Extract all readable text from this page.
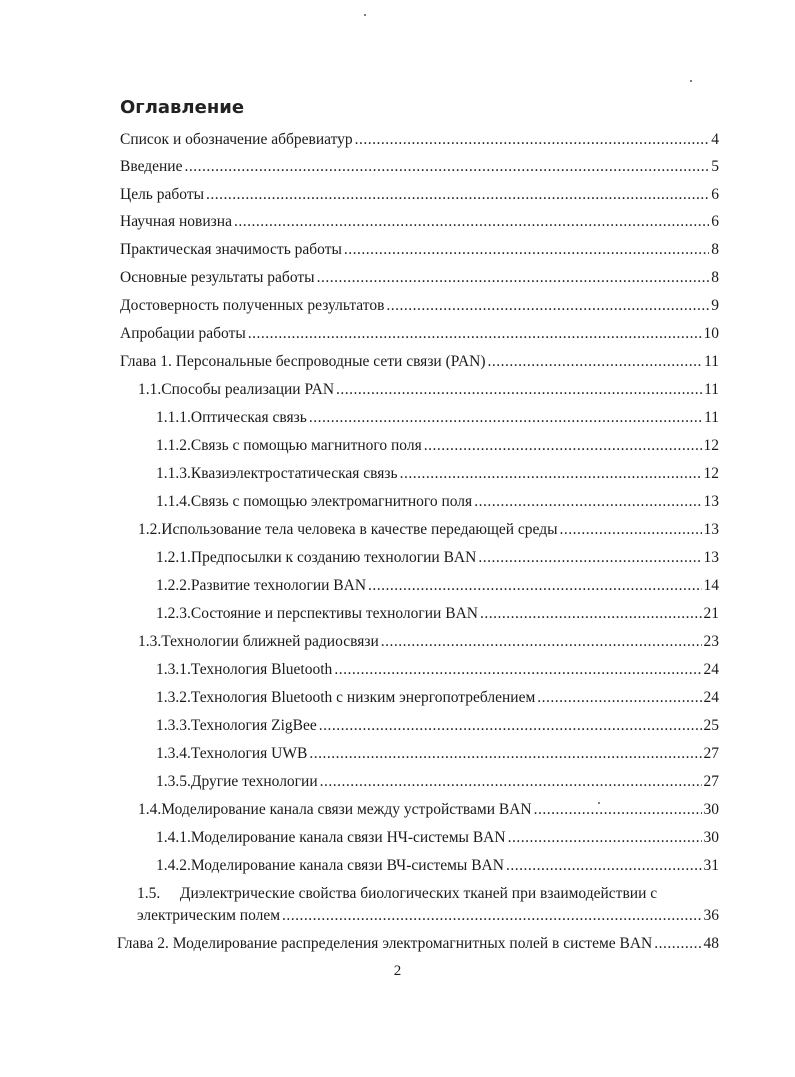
Оглавление
Список и обозначение аббревиатур .....	4
Введение .....	5
Цель работы .....	6
Научная новизна .....	6
Практическая значимость работы .....	8
Основные результаты работы .....	8
Достоверность полученных результатов .....	9
Апробации работы .....	10
Глава 1. Персональные беспроводные сети связи (PAN) .....	11
1.1. Способы реализации PAN .....	11
1.1.1. Оптическая связь .....	11
1.1.2. Связь с помощью магнитного поля .....	12
1.1.3. Квазиэлектростатическая связь .....	12
1.1.4. Связь с помощью электромагнитного поля .....	13
1.2. Использование тела человека в качестве передающей среды .....	13
1.2.1. Предпосылки к созданию технологии BAN .....	13
1.2.2. Развитие технологии BAN .....	14
1.2.3. Состояние и перспективы технологии BAN .....	21
1.3. Технологии ближней радиосвязи .....	23
1.3.1. Технология Bluetooth .....	24
1.3.2. Технология Bluetooth с низким энергопотреблением .....	24
1.3.3. Технология ZigBee .....	25
1.3.4. Технология UWB .....	27
1.3.5. Другие технологии .....	27
1.4. Моделирование канала связи между устройствами BAN .....	30
1.4.1. Моделирование канала связи НЧ-системы BAN .....	30
1.4.2. Моделирование канала связи ВЧ-системы BAN .....	31
1.5. Диэлектрические свойства биологических тканей при взаимодействии с
электрическим полем .....	36
Глава 2. Моделирование распределения электромагнитных полей в системе BAN .....	48
2
